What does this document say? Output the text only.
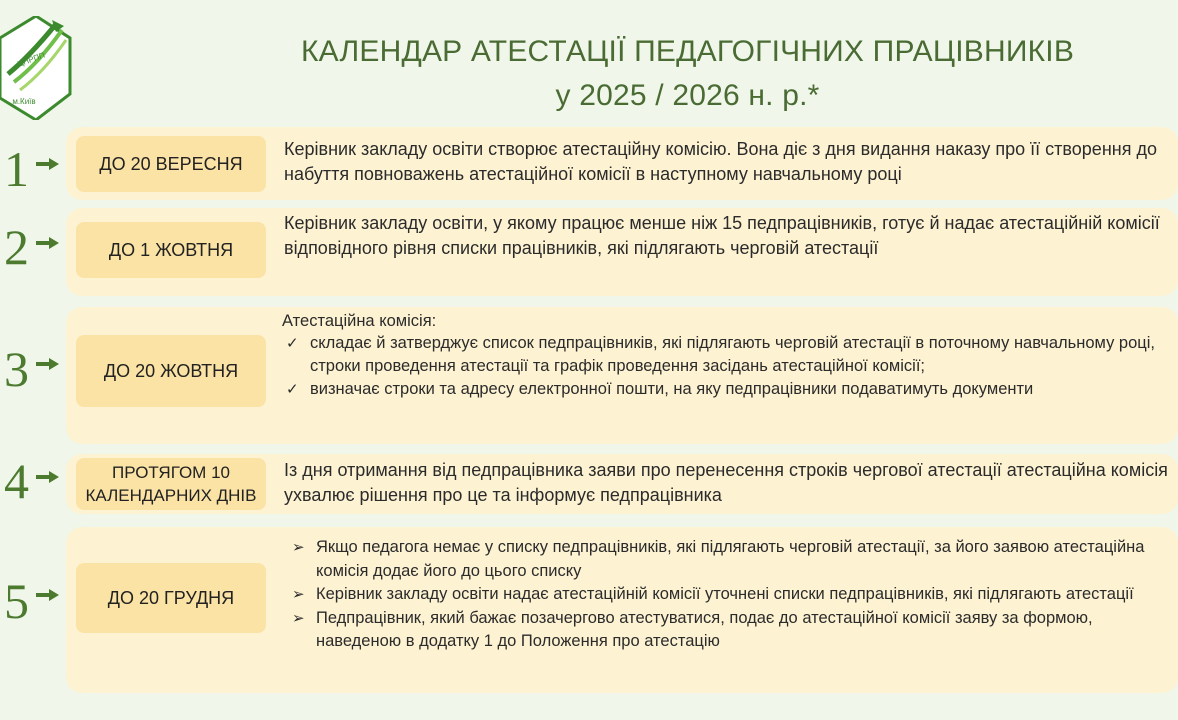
ЦПРПП
м.Київ
КАЛЕНДАР АТЕСТАЦІЇ ПЕДАГОГІЧНИХ ПРАЦІВНИКІВ
у 2025 / 2026 н. р.*
1	ДО 20 ВЕРЕСНЯ
Керівник закладу освіти створює атестаційну комісію. Вона діє з дня видання наказу про її створення до набуття повноважень атестаційної комісії в наступному навчальному році
2	ДО 1 ЖОВТНЯ
Керівник закладу освіти, у якому працює менше ніж 15 педпрацівників, готує й надає атестаційній комісії відповідного рівня списки працівників, які підлягають черговій атестації
3	ДО 20 ЖОВТНЯ
Атестаційна комісія:
✓ складає й затверджує список педпрацівників, які підлягають черговій атестації в поточному навчальному році, строки проведення атестації та графік проведення засідань атестаційної комісії;
✓ визначає строки та адресу електронної пошти, на яку педпрацівники подаватимуть документи
4	ПРОТЯГОМ 10
КАЛЕНДАРНИХ ДНІВ
Із дня отримання від педпрацівника заяви про перенесення строків чергової атестації атестаційна комісія ухвалює рішення про це та інформує педпрацівника
5	ДО 20 ГРУДНЯ
➢ Якщо педагога немає у списку педпрацівників, які підлягають черговій атестації, за його заявою атестаційна комісія додає його до цього списку
➢ Керівник закладу освіти надає атестаційній комісії уточнені списки педпрацівників, які підлягають атестації
➢ Педпрацівник, який бажає позачергово атестуватися, подає до атестаційної комісії заяву за формою, наведеною в додатку 1 до Положення про атестацію
